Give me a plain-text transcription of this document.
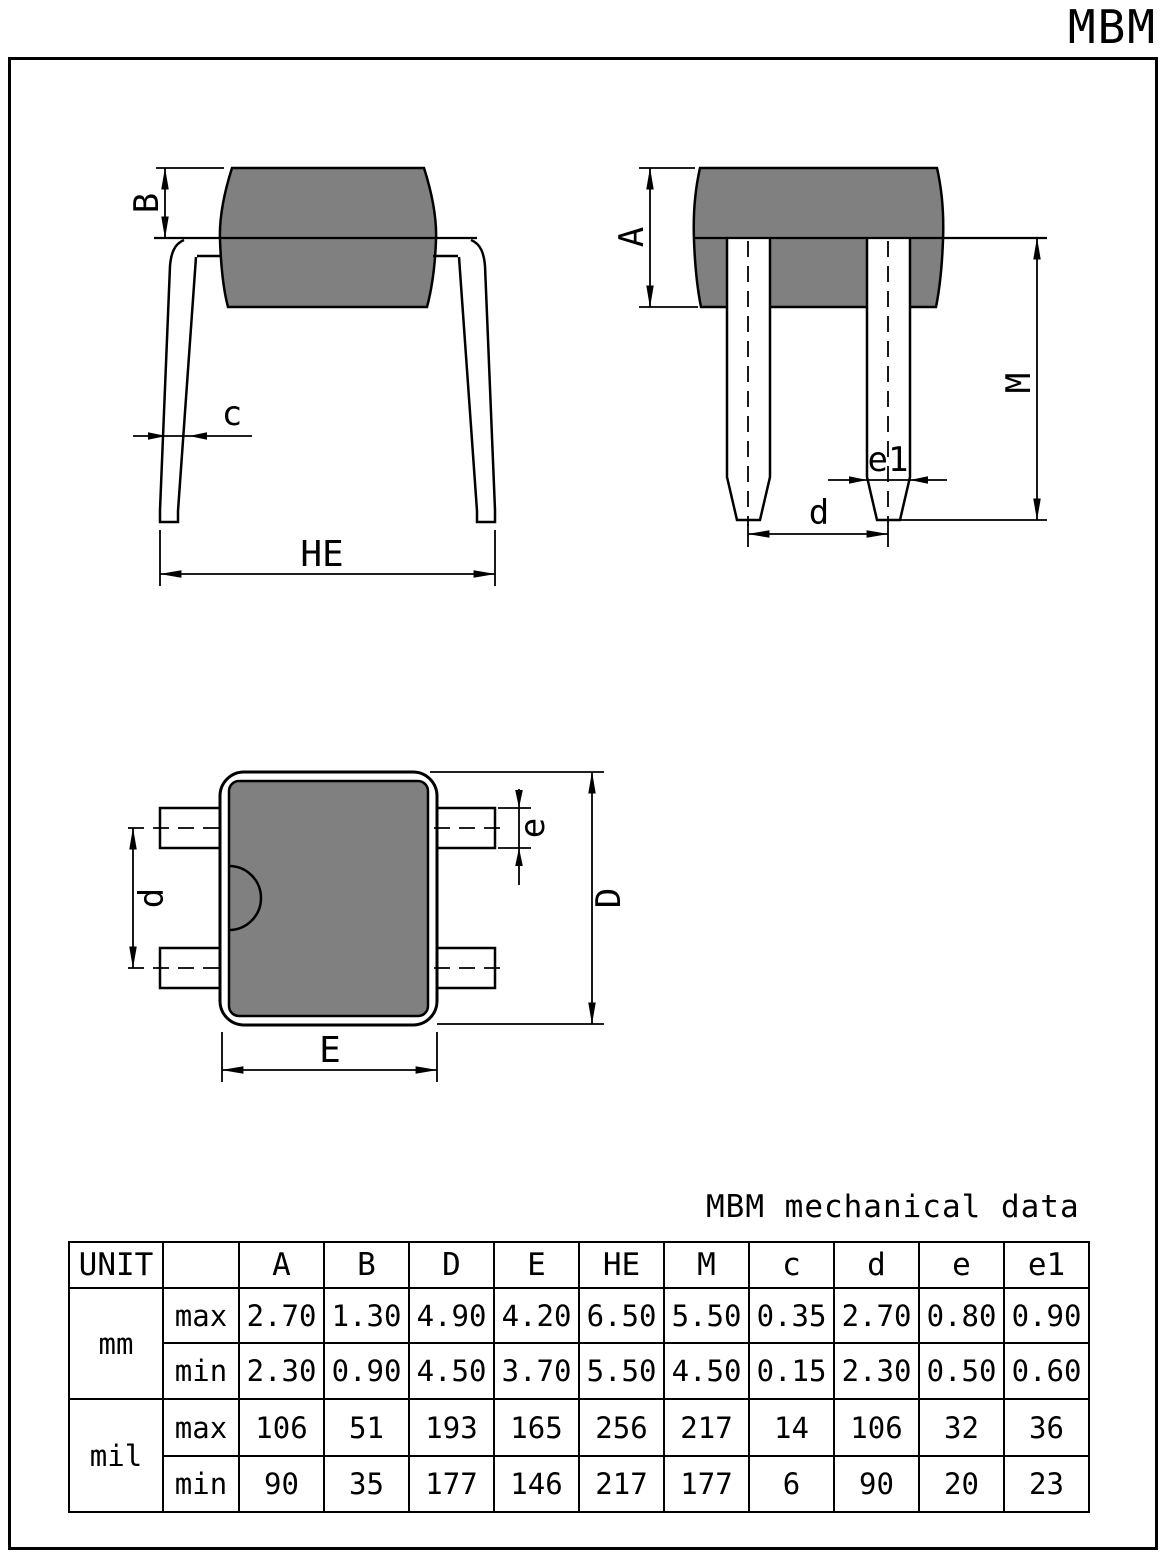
MBM
B
c
HE
A
M
e1
d
d
e
D
E
MBM mechanical data
UNIT		A	B	D	E	HE	M	c	d	e	e1
mm	max	2.70	1.30	4.90	4.20	6.50	5.50	0.35	2.70	0.80	0.90
	min	2.30	0.90	4.50	3.70	5.50	4.50	0.15	2.30	0.50	0.60
mil	max	106	51	193	165	256	217	14	106	32	36
	min	90	35	177	146	217	177	6	90	20	23
